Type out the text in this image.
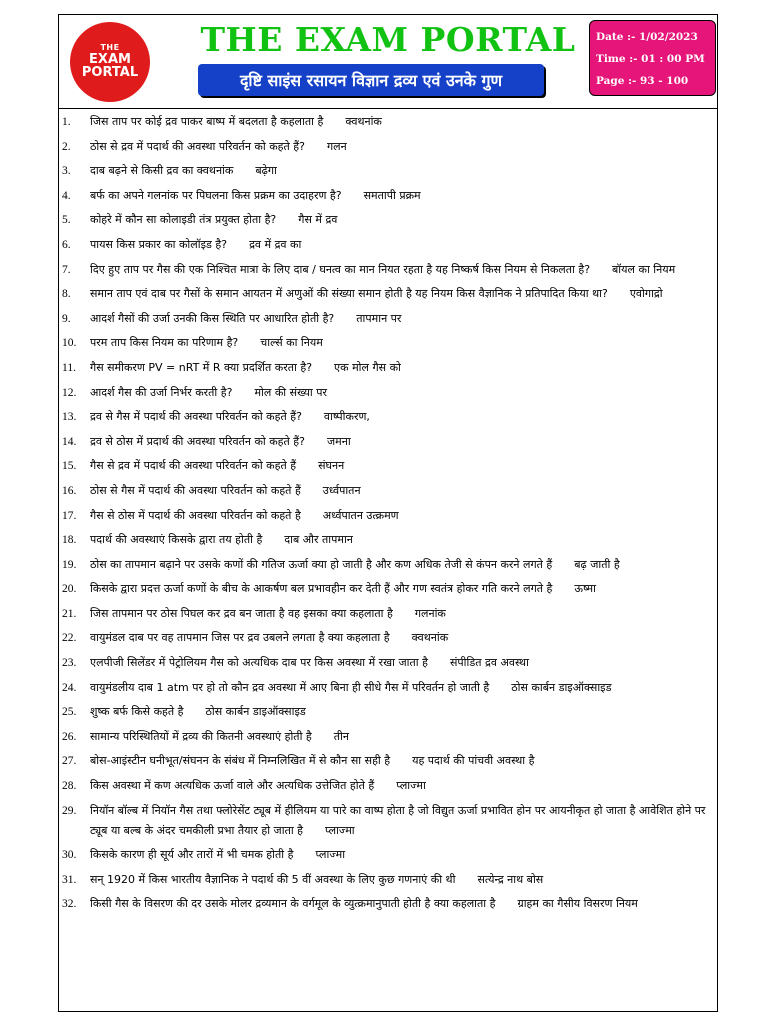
THE
EXAM
PORTAL
THE EXAM PORTAL
दृष्टि साइंस रसायन विज्ञान द्रव्य एवं उनके गुण
Date :- 1/02/2023
Time :- 01 : 00 PM
Page :- 93 - 100
1. जिस ताप पर कोई द्रव पाकर बाष्प में बदलता है कहलाता है क्वथनांक
2. ठोस से द्रव में पदार्थ की अवस्था परिवर्तन को कहते हैं? गलन
3. दाब बढ़ने से किसी द्रव का क्वथनांक बढ़ेगा
4. बर्फ का अपने गलनांक पर पिघलना किस प्रक्रम का उदाहरण है? समतापी प्रक्रम
5. कोहरे में कौन सा कोलाइडी तंत्र प्रयुक्त होता है? गैस में द्रव
6. पायस किस प्रकार का कोलॉइड है? द्रव में द्रव का
7. दिए हुए ताप पर गैस की एक निश्चित मात्रा के लिए दाब / घनत्व का मान नियत रहता है यह निष्कर्ष किस नियम से निकलता है? बॉयल का नियम
8. समान ताप एवं दाब पर गैसों के समान आयतन में अणुओं की संख्या समान होती है यह नियम किस वैज्ञानिक ने प्रतिपादित किया था? एवोगाद्रो
9. आदर्श गैसों की उर्जा उनकी किस स्थिति पर आधारित होती है? तापमान पर
10. परम ताप किस नियम का परिणाम है? चार्ल्स का नियम
11. गैस समीकरण PV = nRT में R क्या प्रदर्शित करता है? एक मोल गैस को
12. आदर्श गैस की उर्जा निर्भर करती है? मोल की संख्या पर
13. द्रव से गैस में पदार्थ की अवस्था परिवर्तन को कहते हैं? वाष्पीकरण,
14. द्रव से ठोस में प्रदार्थ की अवस्था परिवर्तन को कहते हैं? जमना
15. गैस से द्रव में पदार्थ की अवस्था परिवर्तन को कहते हैं संघनन
16. ठोस से गैस में पदार्थ की अवस्था परिवर्तन को कहते हैं उर्ध्वपातन
17. गैस से ठोस में पदार्थ की अवस्था परिवर्तन को कहते है अर्ध्वपातन उत्क्रमण
18. पदार्थ की अवस्थाएं किसके द्वारा तय होती है दाब और तापमान
19. ठोस का तापमान बढ़ाने पर उसके कणों की गतिज ऊर्जा क्या हो जाती है और कण अधिक तेजी से कंपन करने लगते हैं बढ़ जाती है
20. किसके द्वारा प्रदत्त ऊर्जा कणों के बीच के आकर्षण बल प्रभावहीन कर देती हैं और गण स्वतंत्र होकर गति करने लगते है ऊष्मा
21. जिस तापमान पर ठोस पिघल कर द्रव बन जाता है वह इसका क्या कहलाता है गलनांक
22. वायुमंडल दाब पर वह तापमान जिस पर द्रव उबलने लगता है क्या कहलाता है क्वथनांक
23. एलपीजी सिलेंडर में पेट्रोलियम गैस को अत्यधिक दाब पर किस अवस्था में रखा जाता है संपीडित द्रव अवस्था
24. वायुमंडलीय दाब 1 atm पर हो तो कौन द्रव अवस्था में आए बिना ही सीधे गैस में परिवर्तन हो जाती है ठोस कार्बन डाइऑक्साइड
25. शुष्क बर्फ किसे कहते है ठोस कार्बन डाइऑक्साइड
26. सामान्य परिस्थितियों में द्रव्य की कितनी अवस्थाएं होती है तीन
27. बोस-आइंस्टीन घनीभूत/संघनन के संबंध में निम्नलिखित में से कौन सा सही है यह पदार्थ की पांचवी अवस्था है
28. किस अवस्था में कण अत्यधिक ऊर्जा वाले और अत्यधिक उत्तेजित होते हैं प्लाज्मा
29. नियॉन बॉल्ब में नियॉन गैस तथा फ्लोरेसेंट ट्यूब में हीलियम या पारे का वाष्प होता है जो विद्युत ऊर्जा प्रभावित होन पर आयनीकृत हो जाता है आवेशित होने पर ट्यूब या बल्ब के अंदर चमकीली प्रभा तैयार हो जाता है प्लाज्मा
30. किसके कारण ही सूर्य और तारों में भी चमक होती है प्लाज्मा
31. सन् 1920 में किस भारतीय वैज्ञानिक ने पदार्थ की 5 वीं अवस्था के लिए कुछ गणनाएं की थी सत्येन्द्र नाथ बोस
32. किसी गैस के विसरण की दर उसके मोलर द्रव्यमान के वर्गमूल के व्युत्क्रमानुपाती होती है क्या कहलाता है ग्राहम का गैसीय विसरण नियम
